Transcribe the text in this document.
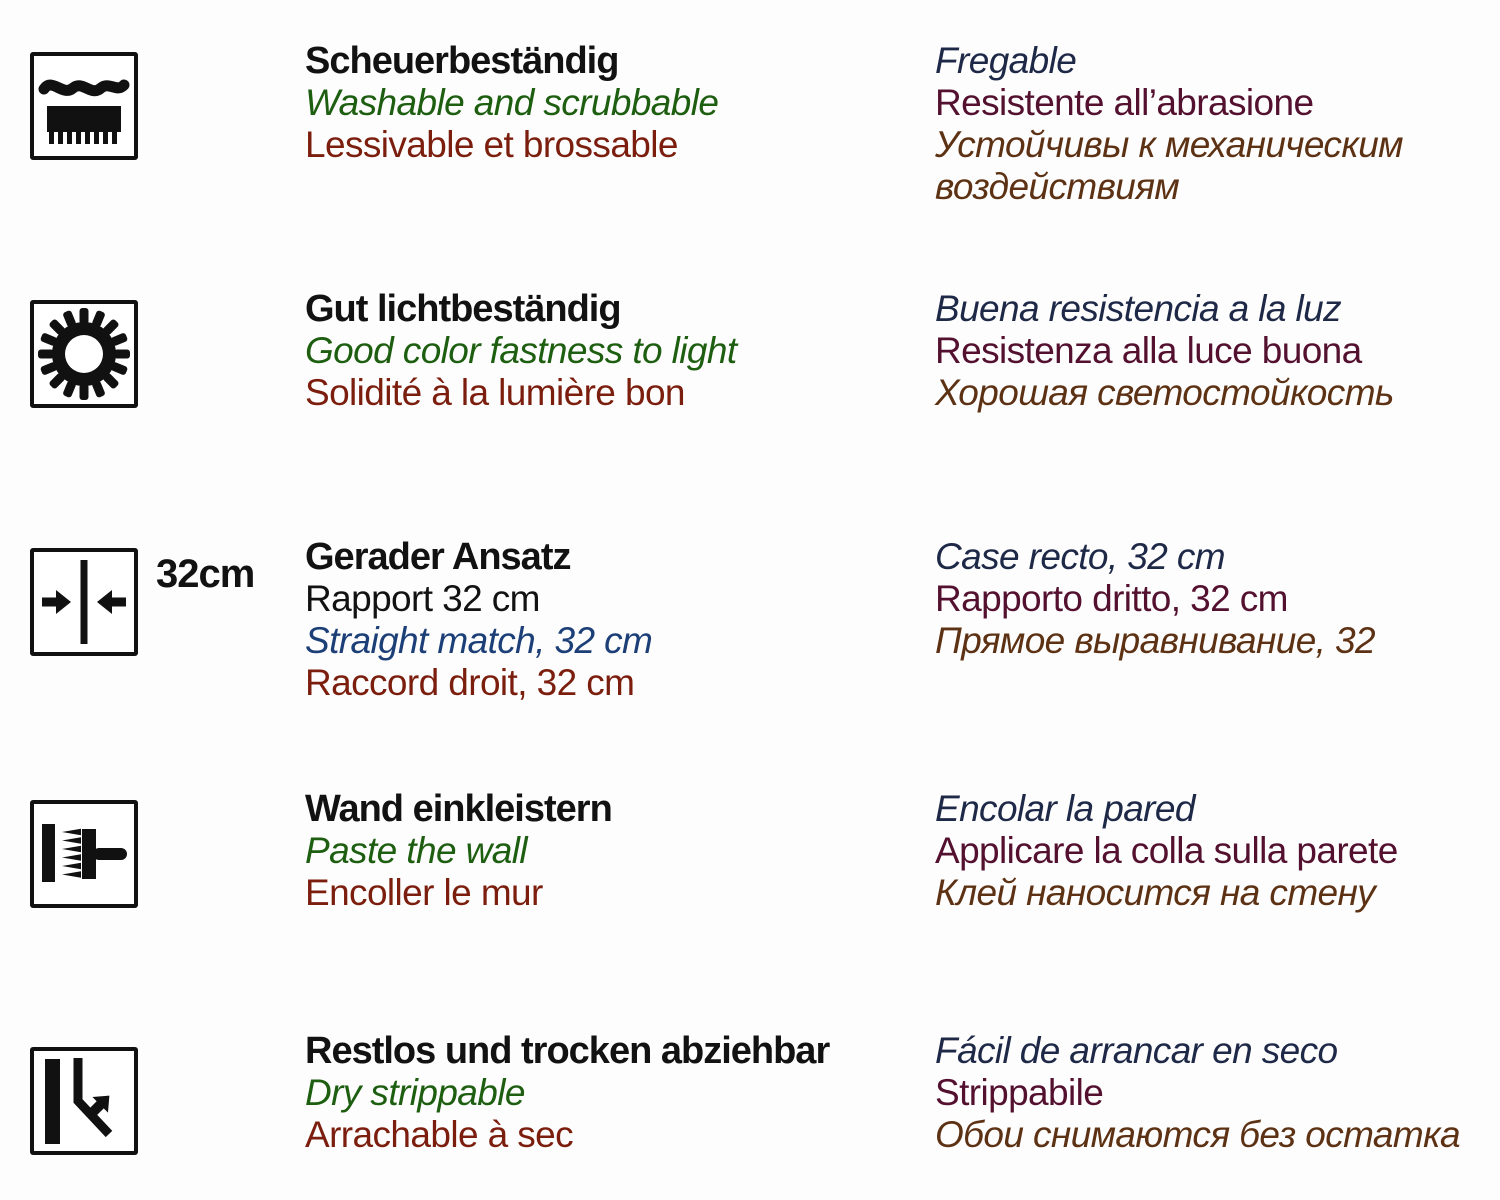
Scheuerbeständig
Washable and scrubbable
Lessivable et brossable
Fregable
Resistente all’abrasione
Устойчивы к механическим воздействиям
Gut lichtbeständig
Good color fastness to light
Solidité à la lumière bon
Buena resistencia a la luz
Resistenza alla luce buona
Хорошая светостойкость
32cm Gerader Ansatz
Rapport 32 cm
Straight match, 32 cm
Raccord droit, 32 cm
Case recto, 32 cm
Rapporto dritto, 32 cm
Прямое выравнивание, 32
Wand einkleistern
Paste the wall
Encoller le mur
Encolar la pared
Applicare la colla sulla parete
Клей наносится на стену
Restlos und trocken abziehbar
Dry strippable
Arrachable à sec
Fácil de arrancar en seco
Strippabile
Обои снимаются без остатка
